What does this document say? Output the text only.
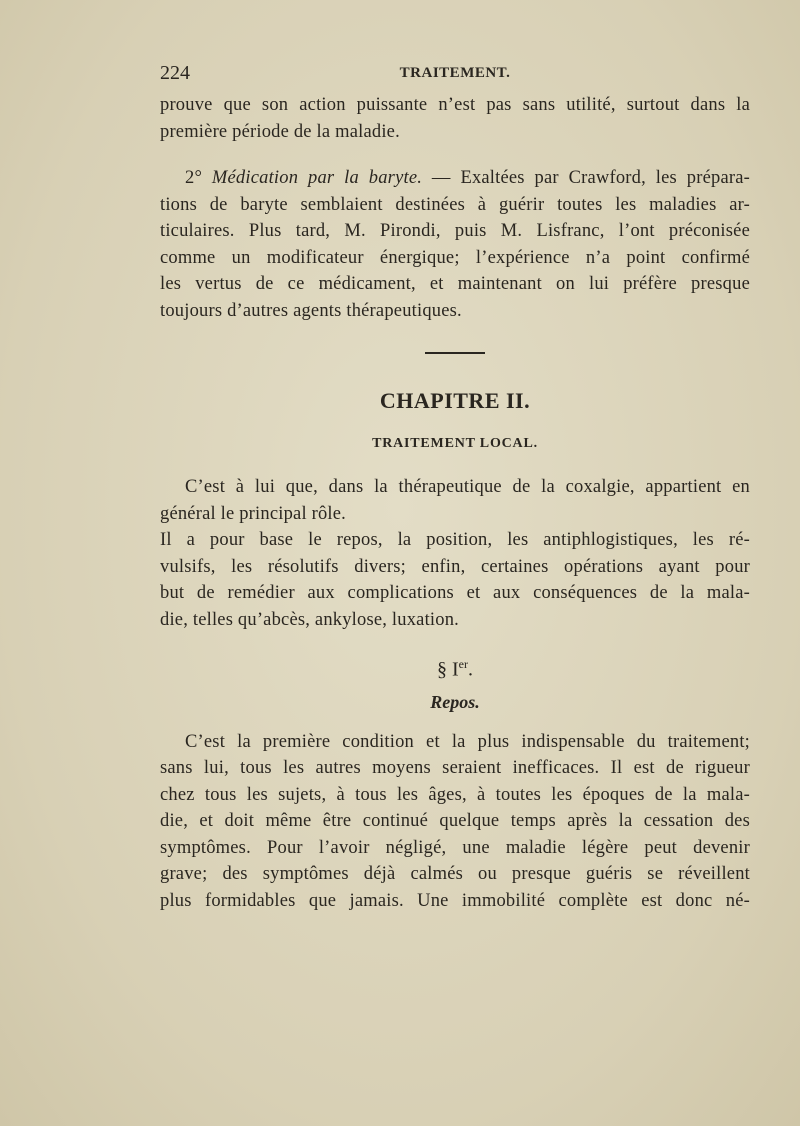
224	TRAITEMENT.

prouve que son action puissante n’est pas sans utilité, surtout dans la

première période de la maladie.

2° Médication par la baryte. — Exaltées par Crawford, les prépara-

tions de baryte semblaient destinées à guérir toutes les maladies ar-

ticulaires. Plus tard, M. Pirondi, puis M. Lisfranc, l’ont préconisée

comme un modificateur énergique; l’expérience n’a point confirmé

les vertus de ce médicament, et maintenant on lui préfère presque

toujours d’autres agents thérapeutiques.

CHAPITRE II.
TRAITEMENT LOCAL.

C’est à lui que, dans la thérapeutique de la coxalgie, appartient en

général le principal rôle.

Il a pour base le repos, la position, les antiphlogistiques, les ré-

vulsifs, les résolutifs divers; enfin, certaines opérations ayant pour

but de remédier aux complications et aux conséquences de la mala-

die, telles qu’abcès, ankylose, luxation.

§ Ier.
Repos.

C’est la première condition et la plus indispensable du traitement;

sans lui, tous les autres moyens seraient inefficaces. Il est de rigueur

chez tous les sujets, à tous les âges, à toutes les époques de la mala-

die, et doit même être continué quelque temps après la cessation des

symptômes. Pour l’avoir négligé, une maladie légère peut devenir

grave; des symptômes déjà calmés ou presque guéris se réveillent

plus formidables que jamais. Une immobilité complète est donc né-
